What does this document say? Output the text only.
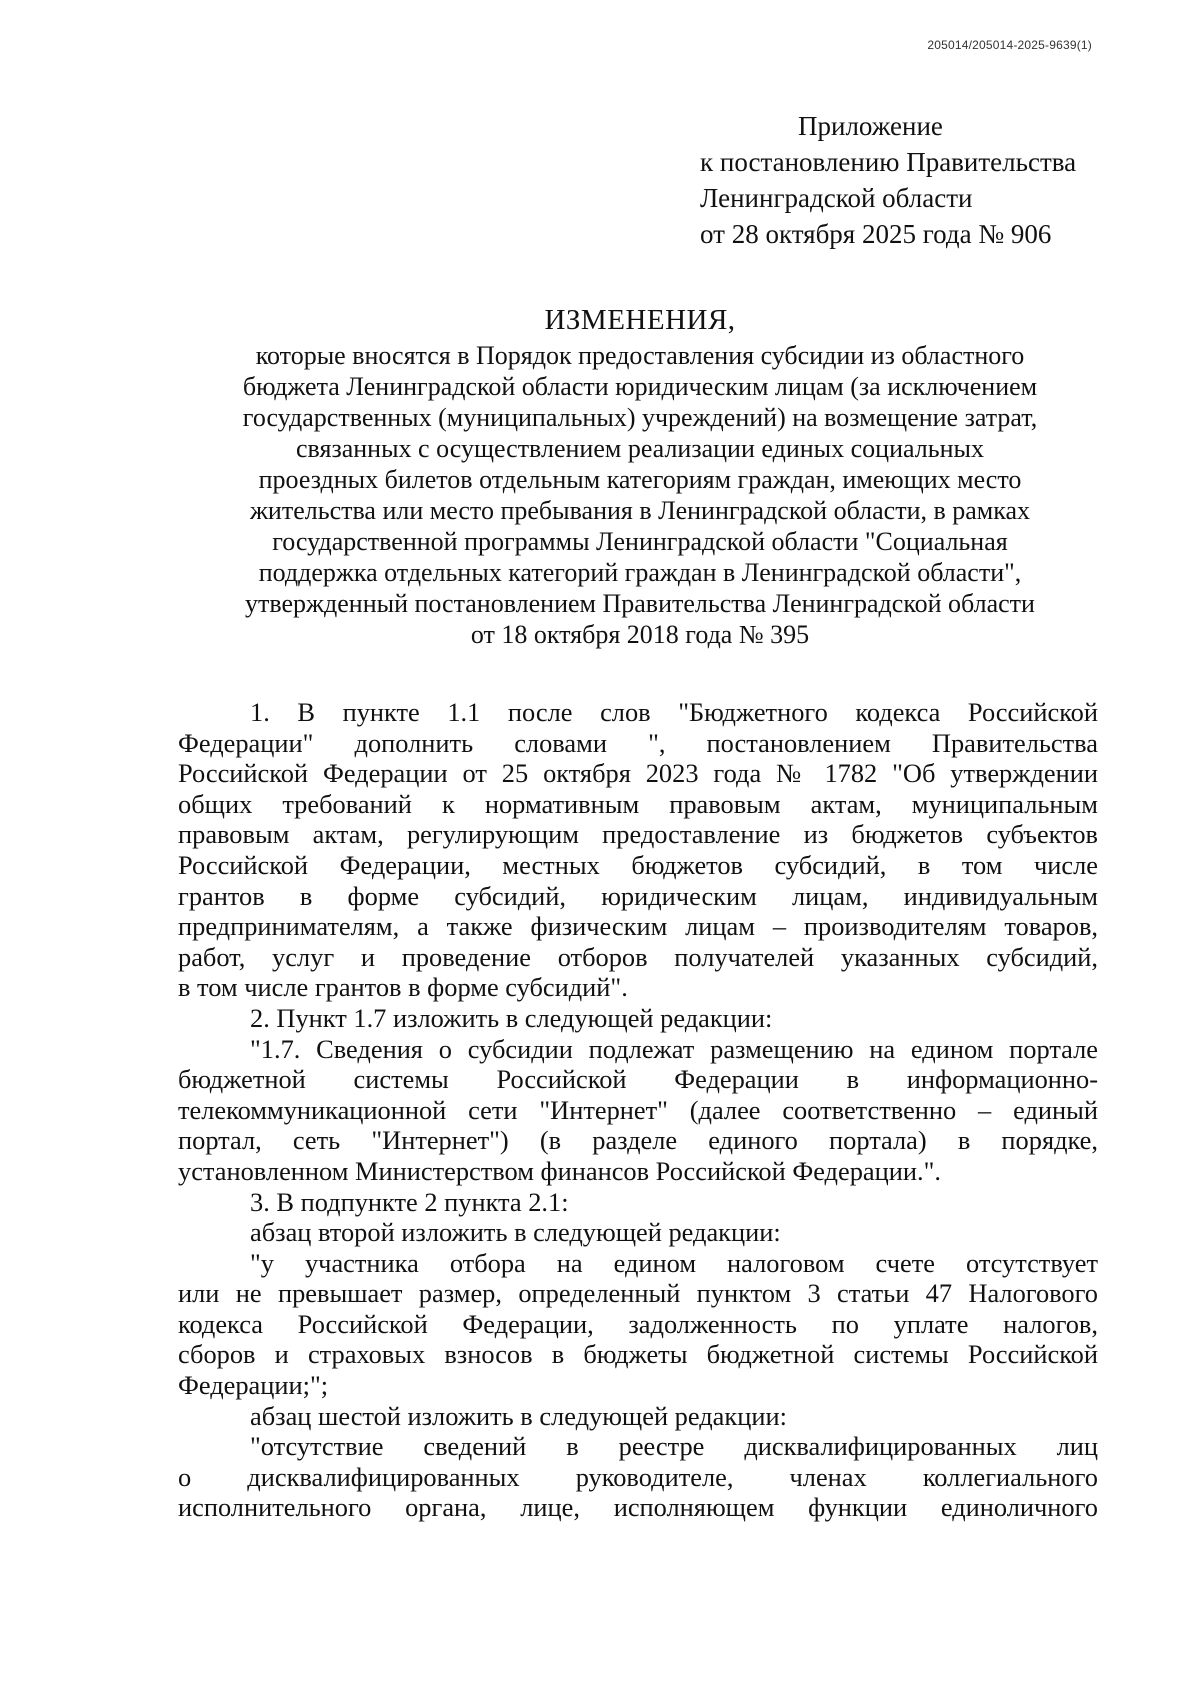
205014/205014-2025-9639(1)
Приложение
к постановлению Правительства
Ленинградской области
от 28 октября 2025 года № 906
ИЗМЕНЕНИЯ,
которые вносятся в Порядок предоставления субсидии из областного
бюджета Ленинградской области юридическим лицам (за исключением
государственных (муниципальных) учреждений) на возмещение затрат,
связанных с осуществлением реализации единых социальных
проездных билетов отдельным категориям граждан, имеющих место
жительства или место пребывания в Ленинградской области, в рамках
государственной программы Ленинградской области "Социальная
поддержка отдельных категорий граждан в Ленинградской области",
утвержденный постановлением Правительства Ленинградской области
от 18 октября 2018 года № 395
1. В пункте 1.1 после слов "Бюджетного кодекса Российской
Федерации" дополнить словами ", постановлением Правительства
Российской Федерации от 25 октября 2023 года № 1782 "Об утверждении
общих требований к нормативным правовым актам, муниципальным
правовым актам, регулирующим предоставление из бюджетов субъектов
Российской Федерации, местных бюджетов субсидий, в том числе
грантов в форме субсидий, юридическим лицам, индивидуальным
предпринимателям, а также физическим лицам – производителям товаров,
работ, услуг и проведение отборов получателей указанных субсидий,
в том числе грантов в форме субсидий".
2. Пункт 1.7 изложить в следующей редакции:
"1.7. Сведения о субсидии подлежат размещению на едином портале
бюджетной системы Российской Федерации в информационно-
телекоммуникационной сети "Интернет" (далее соответственно – единый
портал, сеть "Интернет") (в разделе единого портала) в порядке,
установленном Министерством финансов Российской Федерации.".
3. В подпункте 2 пункта 2.1:
абзац второй изложить в следующей редакции:
"у участника отбора на едином налоговом счете отсутствует
или не превышает размер, определенный пунктом 3 статьи 47 Налогового
кодекса Российской Федерации, задолженность по уплате налогов,
сборов и страховых взносов в бюджеты бюджетной системы Российской
Федерации;";
абзац шестой изложить в следующей редакции:
"отсутствие сведений в реестре дисквалифицированных лиц
о дисквалифицированных руководителе, членах коллегиального
исполнительного органа, лице, исполняющем функции единоличного
